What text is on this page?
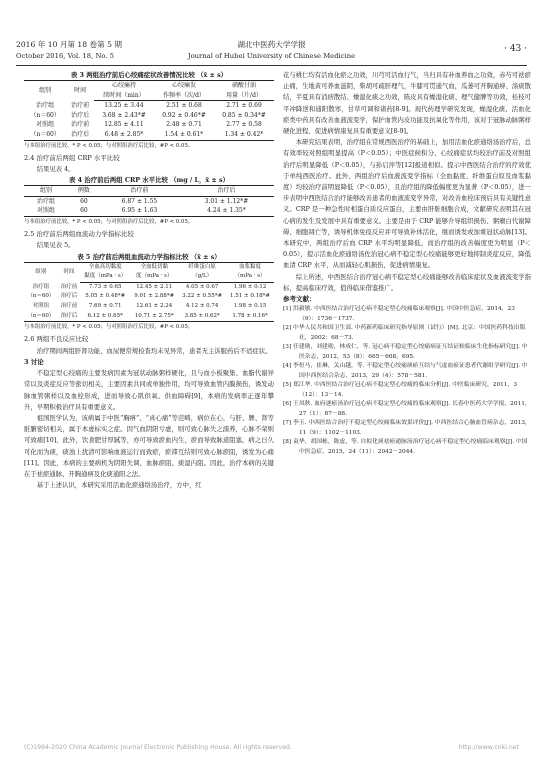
2016 年 10 月第 18 卷第 5 期
October 2016, Vol. 18, No. 5
湖北中医药大学学报
Journal of Hubei University of Chinese Medicine
· 43 ·
表 3 两组治疗前后心绞痛症状改善情况比较 （x̄ ± s）
组别	时间	心绞痛持	心绞痛发	硝酸甘油
		续时间（min）	作频率（次/d）	用量（片/d）
治疗组	治疗前	13.25 ± 3.44	2.51 ± 0.68	2.71 ± 0.69
（n＝60）	治疗后	3.68 ± 2.43*#	0.92 ± 0.46*#	0.85 ± 0.34*#
对照组	治疗前	12.85 ± 4.11	2.48 ± 0.71	2.77 ± 0.58
（n＝60）	治疗后	6.48 ± 2.85*	1.54 ± 0.61*	1.34 ± 0.42*
与本组治疗前比较，* P < 0.05；与对照组治疗后比较，#P < 0.05。
2.4 治疗前后两组 CRP 水平比较

结果见表 4。

表 4 治疗前后两组 CRP 水平比较 （mg / L，x̄ ± s）
组别	例数	治疗前	治疗后
治疗组	60	6.87 ± 1.55	3.01 ± 1.12*#
对照组	60	6.95 ± 1.63	4.24 ± 1.35*
与本组治疗前比较，* P < 0.05；与对照组治疗后比较，#P < 0.05。
2.5 治疗前后两组血流动力学指标比较

结果见表 5。

表 5 治疗前后两组血流动力学指标比较 （x̄ ± s）
组别	时间	全血高切黏度	全血低切黏	纤维蛋白原	血浆黏度
		黏度（mPa · s）	度（mPa · s）	（g/L）	（mPa · s）
治疗组	治疗前	7.73 ± 0.65	12.45 ± 2.11	4.05 ± 0.67	1.96 ± 0.12
（n＝60）	治疗后	5.05 ± 0.48*#	9.01 ± 2.88*#	3.22 ± 0.55*#	1.51 ± 0.18*#
对照组	治疗前	7.69 ± 0.71	12.61 ± 2.24	4.12 ± 0.74	1.98 ± 0.15
（n＝60）	治疗后	6.12 ± 0.65*	10.71 ± 2.75*	3.85 ± 0.62*	1.78 ± 0.16*
与本组治疗前比较，* P < 0.05；与对照组治疗后比较，#P < 0.05。
2.6 两组不良反应比较

治疗期间两组肝肾功能、血尿便常规检查均未见异常，患者无主诉服药后不适症状。

3 讨论

不稳定型心绞痛的主要发病因素为冠状动脉粥样硬化，且与血小板聚集、血脂代谢异常以及炎症反应等密切相关，主要因素共同或单独作用，均可导致血管内膜损伤，诱发动脉血管粥样以及血栓形成，进而导致心肌供氧、供血障碍[9]，本病的发病率正逐年攀升，早期积极治疗具有重要意义。

祖国医学认为，该病属于中医“胸痹”、“真心痛”等范畴，病位在心，与肝、脾、肾等脏腑密切相关，属于本虚标实之症。因气血阴阳亏虚，则可致心脉失之濡养，心脉不荣则可致痛[10]，此外，饮食肥甘厚腻等，亦可导致瘀血内生，瘀而导致脉道阻塞，病之日久可化而为痰，痰浊上扰清可影响血液运行而致瘀，瘀滞互结则可致心脉瘀阻，诱发为心痛[11]。因此，本病的主要病机为阴阳失调、血脉瘀阻、痰湿内阻。因此，治疗本病的关键在于祛瘀通脉、开胸通痹及化痰通阳之法。

基于上述认识，本研究采用活血化瘀通络汤治疗，方中，红

花与桃仁均有活血化瘀之功效，川芎可活血行气，当归具有补血养血之功效，赤芍可祛瘀止痛，生地黄可养血滋阴，柴胡可疏肝理气，牛膝可贯通气血，瓜蒌可开胸通痹、涤痰散结，半夏具有消痞散结、燥湿化痰之功效，陈皮具有燥湿化痰、理气健脾等功效，桂枝可平冲降逆和通阳散寒，甘草可调和诸药[8-9]。现代药理学研究发现，燥湿化痰、活血化瘀类中药具有改善血液流变学，保护血管内皮功能及抗氧化等作用，该对于冠脉动脉粥样硬化进程、促进病情康复具有重要意义[8-9]。

本研究结果表明，治疗组在常规西医治疗的基础上，加用活血化瘀通络汤治疗后，总有效率较对照组明显提高（P＜0.05）；中医症候积分、心绞痛症状均较治疗前及对照组治疗后明显降低（P＜0.05），与孙启萍等[12]报道相似。提示中西医结合治疗的疗效优于单纯西医治疗。此外，两组治疗后血液流变学指标（全血黏度、纤维蛋白原及血浆黏度）均较治疗前明显降低（P＜0.05），且治疗组的降低幅度更为显著（P＜0.05），进一步表明中西医结合治疗能够改善患者的血液流变学异常，对改善血栓床预后具有关键性意义。CRP 是一种急性时相蛋白质反应蛋白，主要由肝脏细胞合成，文献研究表明其在冠心病的发生及发展中具有重要意义。主要是由于 CRP 能够介导组织损伤、粥瘤白代谢障碍、细胞凋亡等，诱导机体免疫反应并可导致补体活化，继而诱发或加重冠状动脉[13]。本研究中，两组治疗后血 CRP 水平均明显降低，而治疗组的改善幅度更为明显（P＜0.05），提示活血化瘀通络汤佐治冠心病不稳定型心绞痛能够更好地抑制炎症反应，降低血清 CRP 水平，从而减轻心肌损伤，促进病情康复。

综上所述，中西医结合治疗冠心病不稳定型心绞痛能够改善临床症状及血液流变学指标，提高临床疗效，值得临床借鉴推广。

参考文献：
[1] 洪毅敏. 中西医结合治疗冠心病不稳定型心绞痛临床观察[J]. 中国中医急症，2014，23（9）：1736－1737.
[2] 中华人民共和国卫生部. 中药新药临床研究指导原则（试行）[M]. 北京：中国医药科技出版社，2002：68－73.
[3] 任建勋，刘建勋，林成仁，等. 冠心病不稳定型心绞痛病证互结证候临床生化指标研究[J]. 中医杂志，2012，53（8）：665－668，695.
[4] 李恒马，崔琳，关山越，等. 不稳定型心绞痛痰瘀互结与气虚血瘀证患者代谢组学研究[J]. 中国中西医结合杂志，2013，29（4）：578－581.
[5] 郑江华. 中西医结合治疗冠心病不稳定型心绞痛的临床分析[J]. 中医临床研究，2011，3（12）：13－14.
[6] 王凤秋. 血府逐瘀汤治疗冠心病不稳定型心绞痛的临床观察[J]. 长春中医药大学学报，2011，27（1）：87－88.
[7] 李玉. 中西医结合治疗不稳定型心绞痛临床效果评价[J]. 中西医结合心脑血管病杂志，2013，11（9）：1102－1103.
[8] 袁华，胡国栋，陈虚，等. 自拟化痰祛瘀通脉汤治疗冠心病不稳定型心绞痛临床观察[J]. 中国中医急症，2015，24（11）：2042－2044.
(C)1994-2020 China Academic Journal Electronic Publishing House. All rights reserved.	http://www.cnki.net
